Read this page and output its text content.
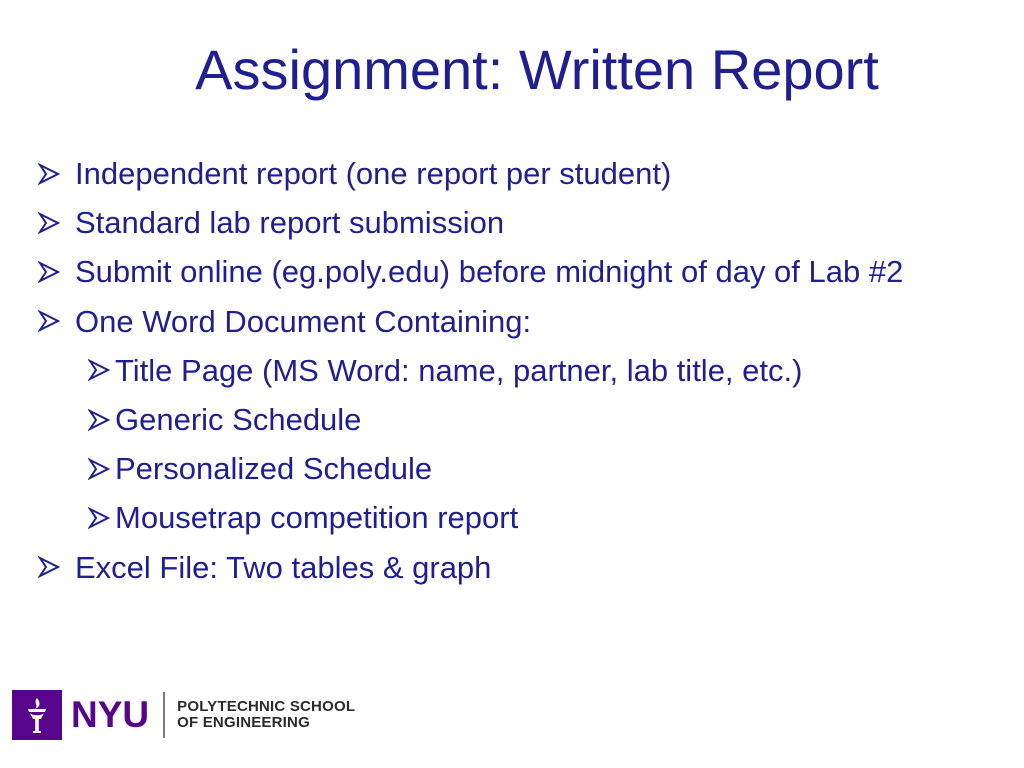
Assignment: Written Report
Independent report (one report per student)
Standard lab report submission
Submit online (eg.poly.edu) before midnight of day of Lab #2
One Word Document Containing:
Title Page (MS Word: name, partner, lab title, etc.)
Generic Schedule
Personalized Schedule
Mousetrap competition report
Excel File: Two tables & graph
NYU POLYTECHNIC SCHOOL
OF ENGINEERING
